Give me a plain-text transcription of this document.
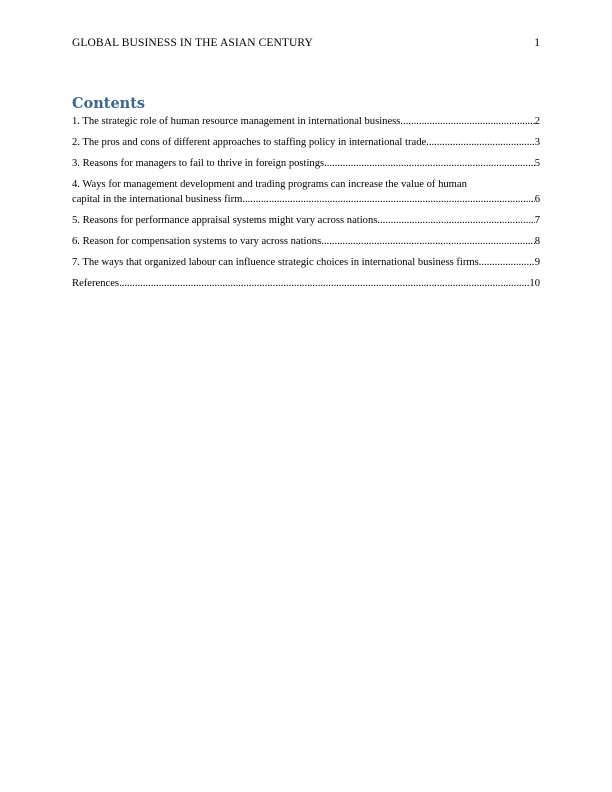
GLOBAL BUSINESS IN THE ASIAN CENTURY	1
Contents
1. The strategic role of human resource management in international business .....	2
2. The pros and cons of different approaches to staffing policy in international trade .....	3
3. Reasons for managers to fail to thrive in foreign postings .....	5
4. Ways for management development and trading programs can increase the value of human
capital in the international business firm .....	6
5. Reasons for performance appraisal systems might vary across nations .....	7
6. Reason for compensation systems to vary across nations .....	8
7. The ways that organized labour can influence strategic choices in international business firms .....	9
References .....	10
